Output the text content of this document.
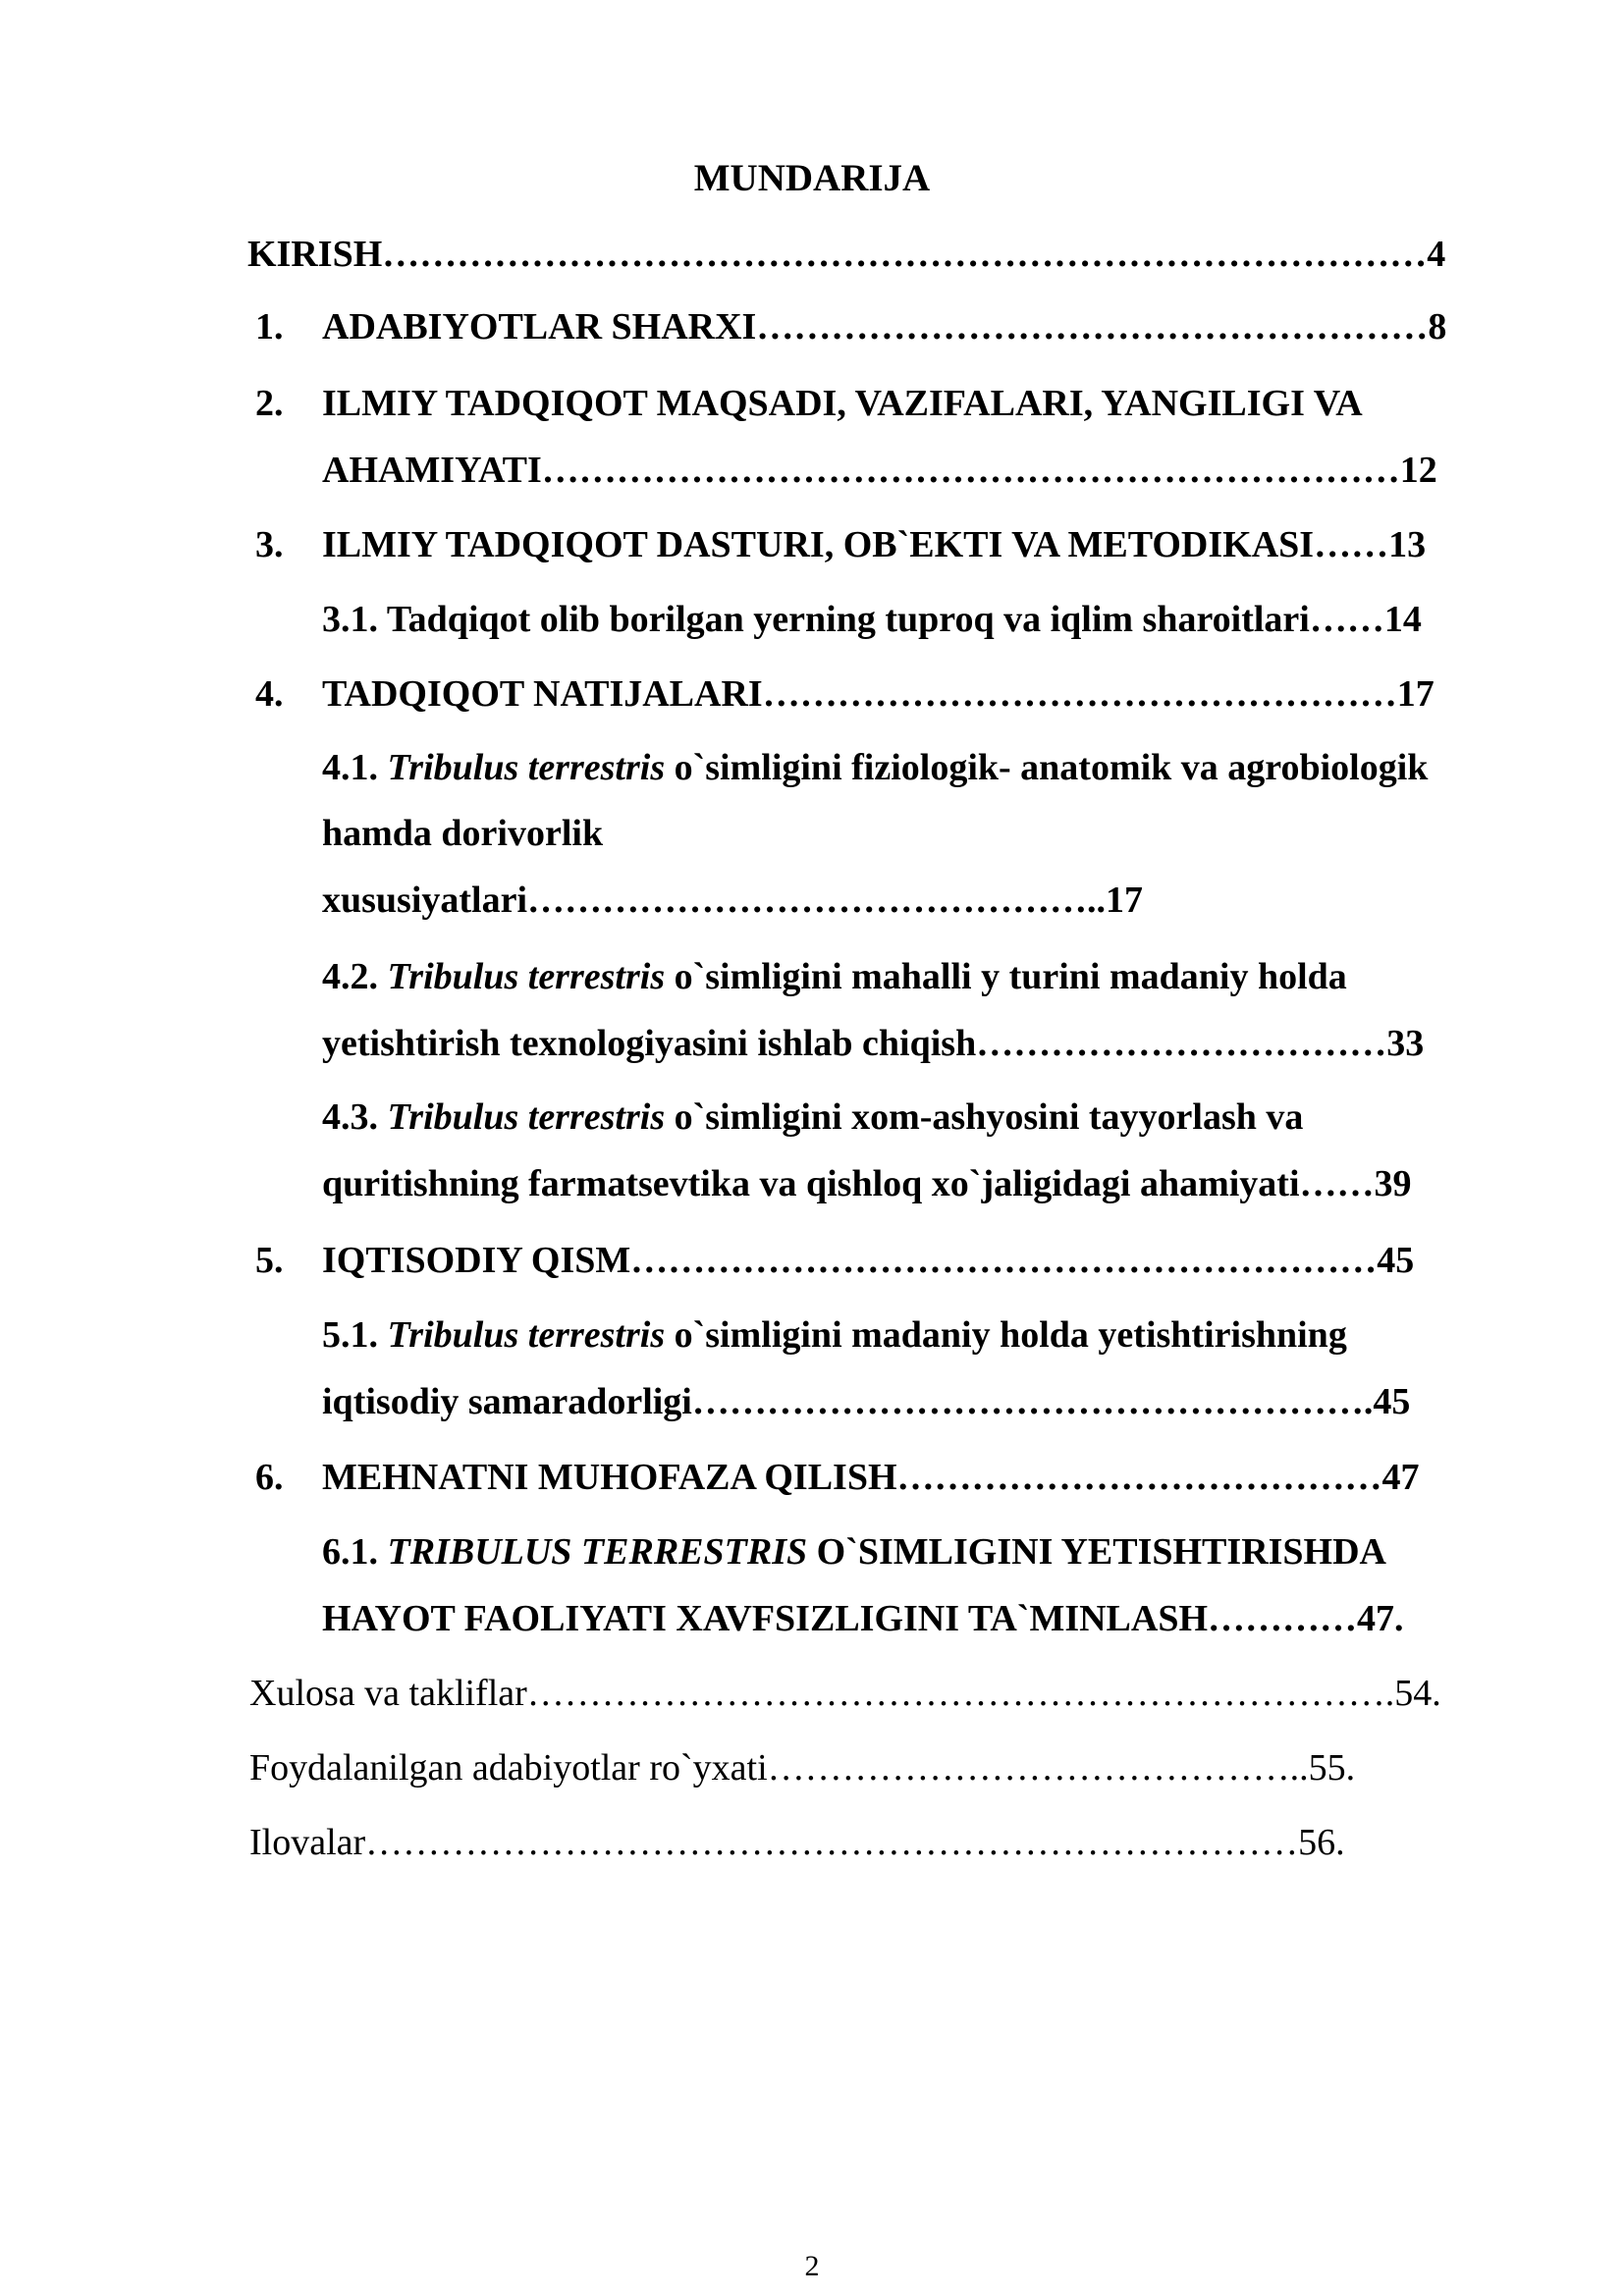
MUNDARIJA
KIRISH…………………………………………………………………………4
1. ADABIYOTLAR SHARXI………………………………………………8
2. ILMIY TADQIQOT MAQSADI, VAZIFALARI, YANGILIGI VA
AHAMIYATI……………………………………………………………12
3. ILMIY TADQIQOT DASTURI, OB`EKTI VA METODIKASI……13
3.1. Tadqiqot olib borilgan yerning tuproq va iqlim sharoitlari……14
4. TADQIQOT NATIJALARI……………………………………………17
4.1. Tribulus terrestris o`simligini fiziologik- anatomik va agrobiologik
hamda dorivorlik
xususiyatlari………………………………………..17
4.2. Tribulus terrestris o`simligini mahalli y turini madaniy holda
yetishtirish texnologiyasini ishlab chiqish……………………………33
4.3. Tribulus terrestris o`simligini xom-ashyosini tayyorlash va
quritishning farmatsevtika va qishloq xo`jaligidagi ahamiyati……39
5. IQTISODIY QISM……………………………………………………45
5.1. Tribulus terrestris o`simligini madaniy holda yetishtirishning
iqtisodiy samaradorligi……………………………………………….45
6. MEHNATNI MUHOFAZA QILISH…………………………………47
6.1. TRIBULUS TERRESTRIS O`SIMLIGINI YETISHTIRISHDA
HAYOT FAOLIYATI XAVFSIZLIGINI TA`MINLASH…………47.
Xulosa va takliflar…………………………………………………………….54.
Foydalanilgan adabiyotlar ro`yxati……………………………………..55.
Ilovalar…………………………………………………………………56.
2
